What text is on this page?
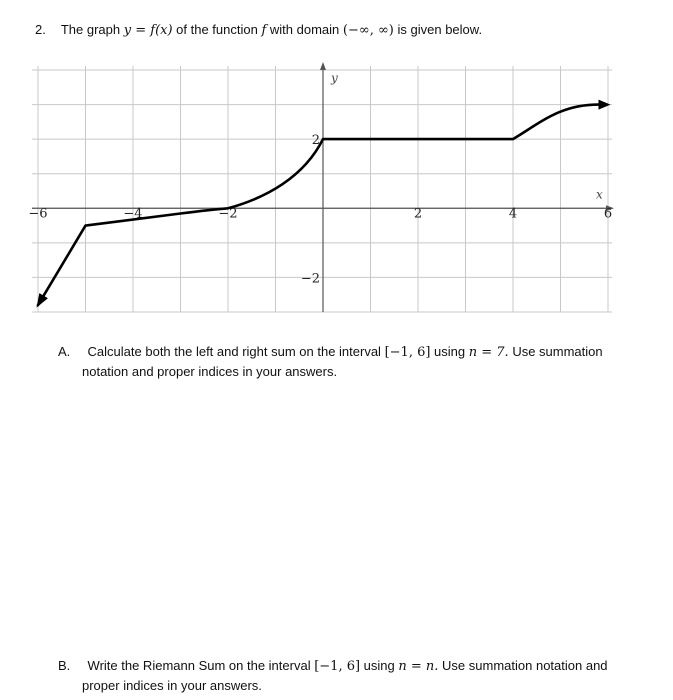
2. The graph y = f(x) of the function f with domain (−∞, ∞) is given below.
x
y
−6	−4	−2	2	4	6
2
−2
A. Calculate both the left and right sum on the interval [−1, 6] using n = 7. Use summation
notation and proper indices in your answers.
B. Write the Riemann Sum on the interval [−1, 6] using n = n. Use summation notation and
proper indices in your answers.
